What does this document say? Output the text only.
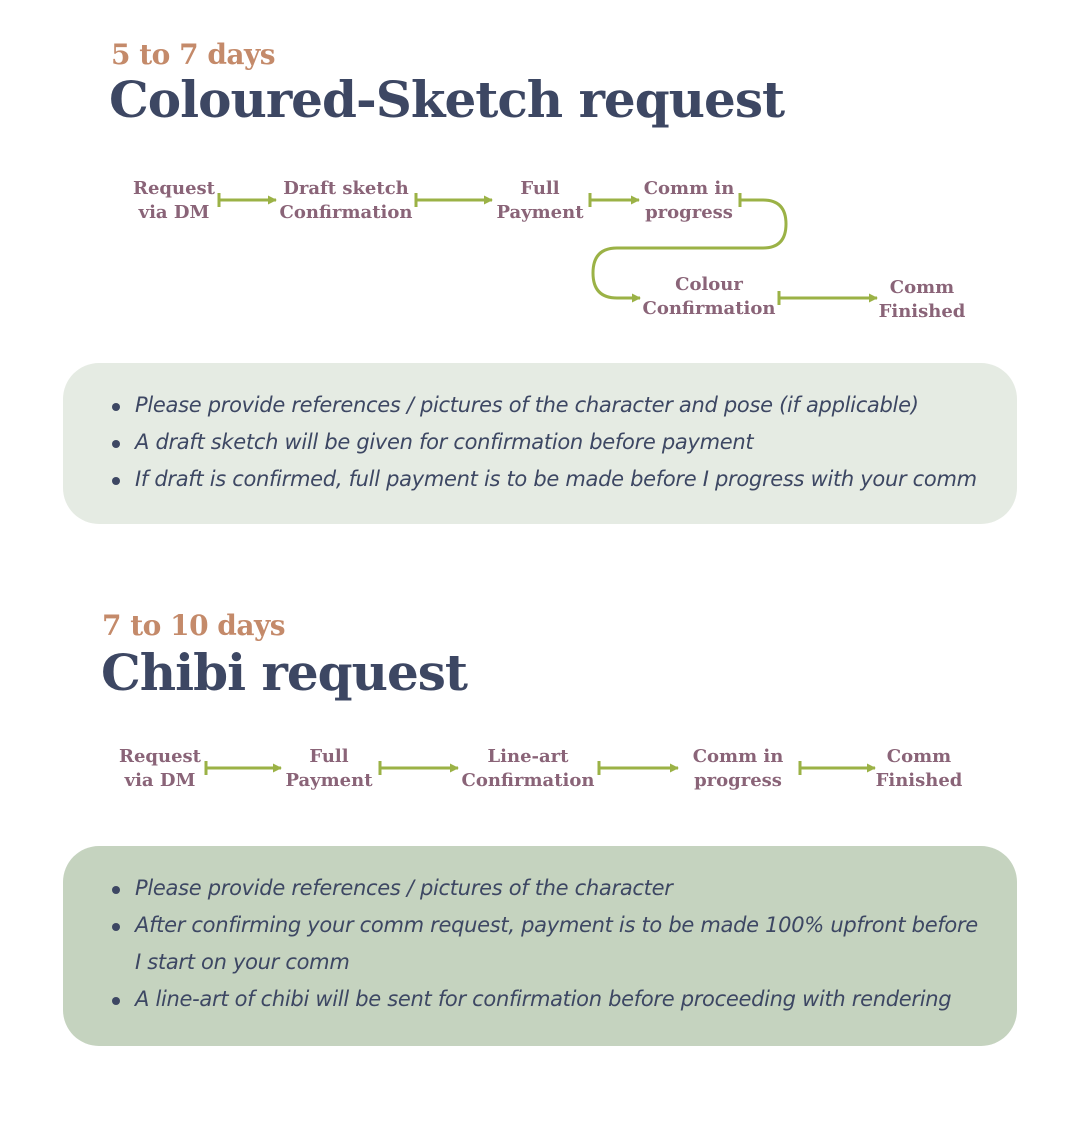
5 to 7 days
Coloured-Sketch request
Request
via DM
Draft sketch
Confirmation
Full
Payment
Comm in
progress
Colour
Confirmation
Comm
Finished
Please provide references / pictures of the character and pose (if applicable)
A draft sketch will be given for confirmation before payment
If draft is confirmed, full payment is to be made before I progress with your comm
7 to 10 days
Chibi request
Request
via DM
Full
Payment
Line-art
Confirmation
Comm in
progress
Comm
Finished
Please provide references / pictures of the character
After confirming your comm request, payment is to be made 100% upfront before I start on your comm
A line-art of chibi will be sent for confirmation before proceeding with rendering
